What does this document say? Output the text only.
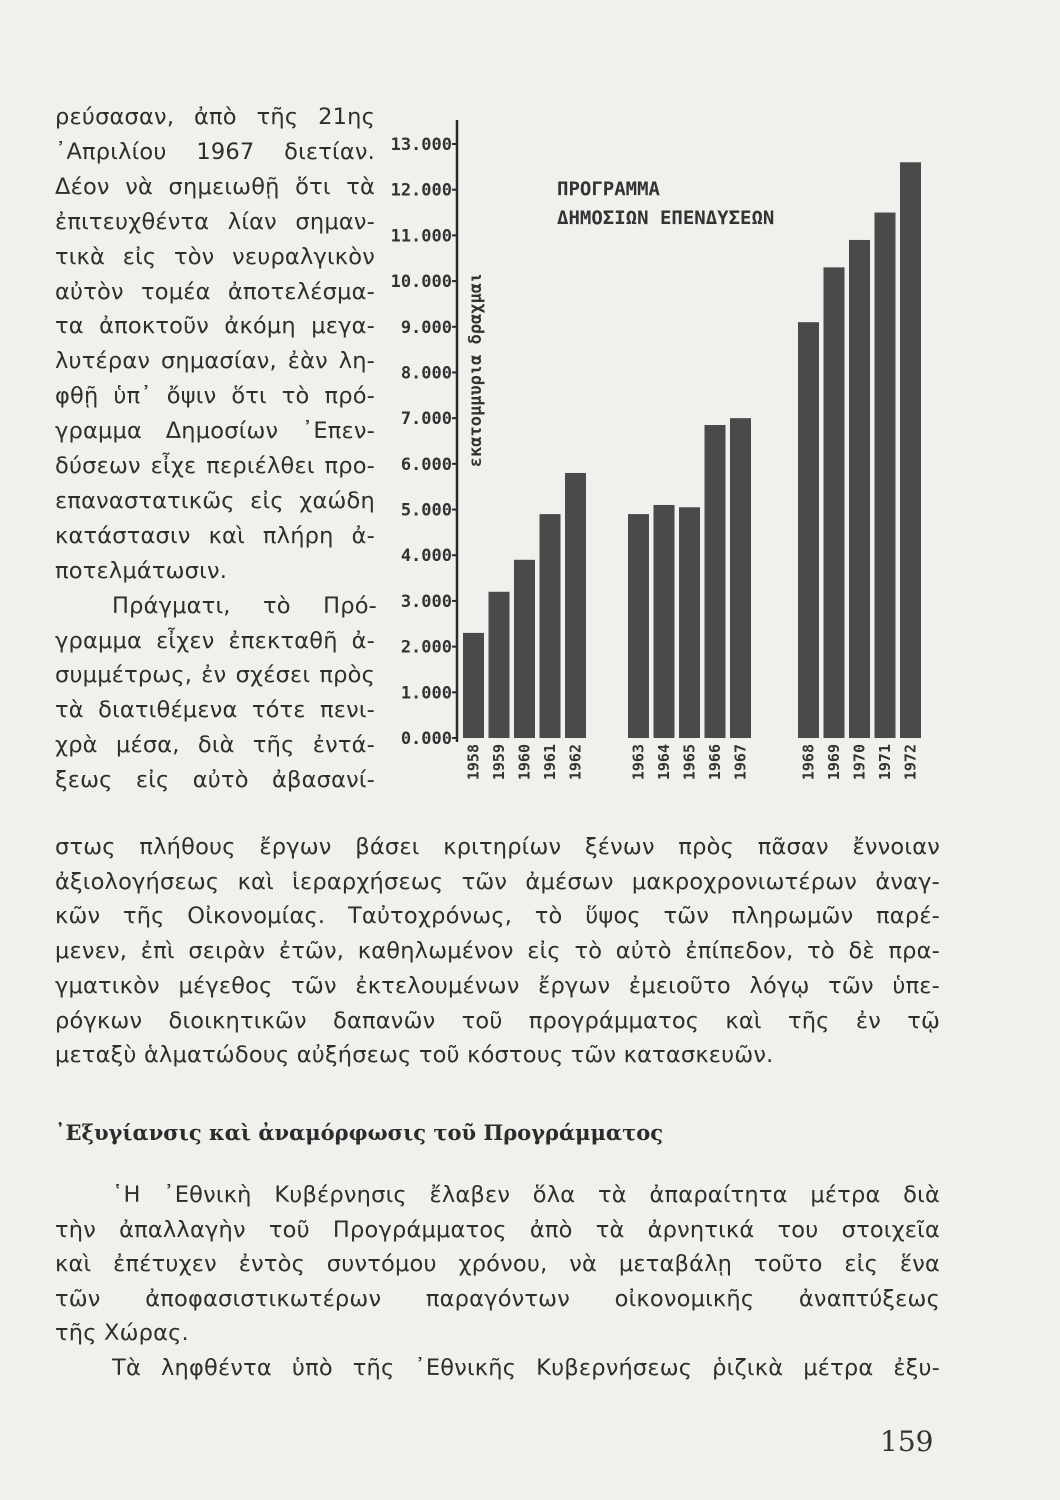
ρεύσασαν, ἀπὸ τῆς 21ης
᾿Απριλίου 1967 διετίαν.
Δέον νὰ σημειωθῇ ὅτι τὰ
ἐπιτευχθέντα λίαν σημαν-
τικὰ εἰς τὸν νευραλγικὸν
αὐτὸν τομέα ἀποτελέσμα-
τα ἀποκτοῦν ἀκόμη μεγα-
λυτέραν σημασίαν, ἐὰν λη-
φθῇ ὑπ᾿ ὄψιν ὅτι τὸ πρό-
γραμμα Δημοσίων ᾿Επεν-
δύσεων εἶχε περιέλθει προ-
επαναστατικῶς εἰς χαώδη
κατάστασιν καὶ πλήρη ἀ-
ποτελμάτωσιν.
Πράγματι, τὸ Πρό-
γραμμα εἶχεν ἐπεκταθῆ ἀ-
συμμέτρως, ἐν σχέσει πρὸς
τὰ διατιθέμενα τότε πενι-
χρὰ μέσα, διὰ τῆς ἐντά-
ξεως εἰς αὐτὸ ἀβασανί-
0.000
1.000
2.000
3.000
4.000
5.000
6.000
7.000
8.000
9.000
10.000
11.000
12.000
13.000
εκατομμυρια δραχμαι
ΠΡΟΓΡΑΜΜΑ
ΔΗΜΟΣΙΩΝ ΕΠΕΝΔΥΣΕΩΝ
1958 1959 1960 1961 1962	1963 1964 1965 1966 1967	1968 1969 1970 1971 1972
στως πλήθους ἔργων βάσει κριτηρίων ξένων πρὸς πᾶσαν ἔννοιαν
ἀξιολογήσεως καὶ ἱεραρχήσεως τῶν ἀμέσων μακροχρονιωτέρων ἀναγ-
κῶν τῆς Οἰκονομίας. Ταὐτοχρόνως, τὸ ὕψος τῶν πληρωμῶν παρέ-
μενεν, ἐπὶ σειρὰν ἐτῶν, καθηλωμένον εἰς τὸ αὐτὸ ἐπίπεδον, τὸ δὲ πρα-
γματικὸν μέγεθος τῶν ἐκτελουμένων ἔργων ἐμειοῦτο λόγῳ τῶν ὑπε-
ρόγκων διοικητικῶν δαπανῶν τοῦ προγράμματος καὶ τῆς ἐν τῷ
μεταξὺ ἁλματώδους αὐξήσεως τοῦ κόστους τῶν κατασκευῶν.
᾿Εξυγίανσις καὶ ἀναμόρφωσις τοῦ Προγράμματος
῾Η ᾿Εθνικὴ Κυβέρνησις ἔλαβεν ὅλα τὰ ἀπαραίτητα μέτρα διὰ
τὴν ἀπαλλαγὴν τοῦ Προγράμματος ἀπὸ τὰ ἀρνητικά του στοιχεῖα
καὶ ἐπέτυχεν ἐντὸς συντόμου χρόνου, νὰ μεταβάλῃ τοῦτο εἰς ἕνα
τῶν ἀποφασιστικωτέρων παραγόντων οἰκονομικῆς ἀναπτύξεως
τῆς Χώρας.
Τὰ ληφθέντα ὑπὸ τῆς ᾿Εθνικῆς Κυβερνήσεως ῥιζικὰ μέτρα ἐξυ-
159
